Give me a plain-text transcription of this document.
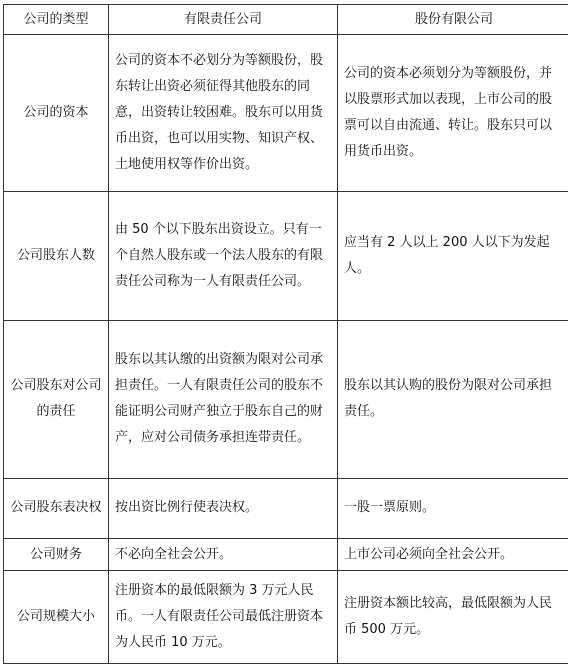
公司的类型	有限责任公司	股份有限公司
公司的资本	公司的资本不必划分为等额股份，股东转让出资必须征得其他股东的同意，出资转让较困难。股东可以用货币出资，也可以用实物、知识产权、土地使用权等作价出资。	公司的资本必须划分为等额股份，并以股票形式加以表现，上市公司的股票可以自由流通、转让。股东只可以用货币出资。
公司股东人数	由 50 个以下股东出资设立。只有一个自然人股东或一个法人股东的有限责任公司称为一人有限责任公司。	应当有 2 人以上 200 人以下为发起人。
公司股东对公司的责任	股东以其认缴的出资额为限对公司承担责任。一人有限责任公司的股东不能证明公司财产独立于股东自己的财产，应对公司债务承担连带责任。	股东以其认购的股份为限对公司承担责任。
公司股东表决权	按出资比例行使表决权。	一股一票原则。
公司财务	不必向全社会公开。	上市公司必须向全社会公开。
公司规模大小	注册资本的最低限额为 3 万元人民币。一人有限责任公司最低注册资本为人民币 10 万元。	注册资本额比较高，最低限额为人民币 500 万元。
